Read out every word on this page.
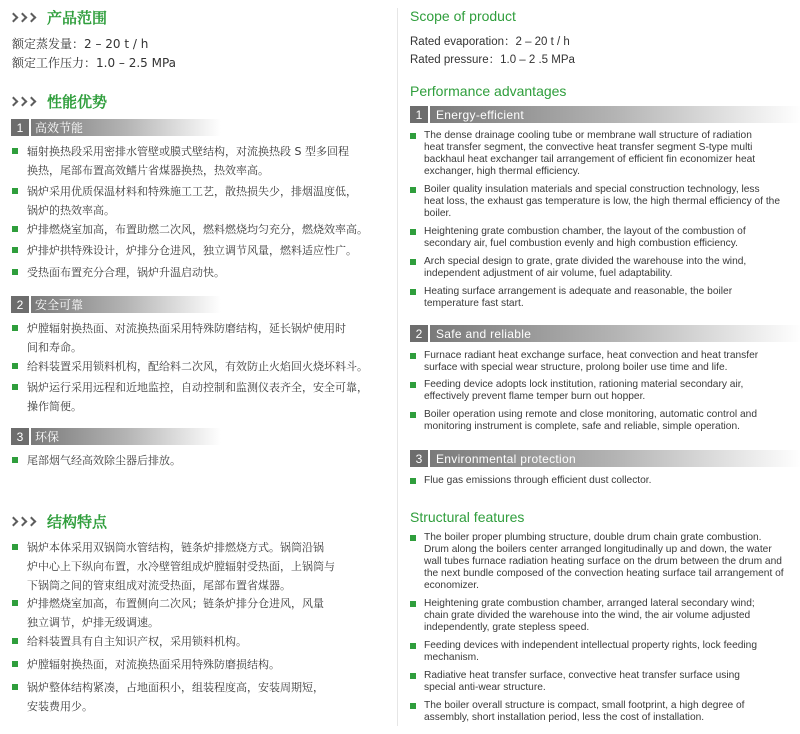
产品范围
额定蒸发量：2 – 20 t / h
额定工作压力：1.0 – 2.5 MPa
性能优势
1 高效节能
辐射换热段采用密排水管壁或膜式壁结构，对流换热段 S 型多回程
换热，尾部布置高效鳍片省煤器换热，热效率高。
锅炉采用优质保温材料和特殊施工工艺，散热损失少，排烟温度低，
锅炉的热效率高。
炉排燃烧室加高，布置助燃二次风，燃料燃烧均匀充分，燃烧效率高。
炉排炉拱特殊设计，炉排分仓进风，独立调节风量，燃料适应性广。
受热面布置充分合理，锅炉升温启动快。
2 安全可靠
炉膛辐射换热面、对流换热面采用特殊防磨结构，延长锅炉使用时
间和寿命。
给料装置采用锁料机构，配给料二次风，有效防止火焰回火烧坏料斗。
锅炉运行采用远程和近地监控，自动控制和监测仪表齐全，安全可靠，
操作简便。
3 环保
尾部烟气经高效除尘器后排放。
结构特点
锅炉本体采用双锅筒水管结构，链条炉排燃烧方式。锅筒沿锅
炉中心上下纵向布置，水冷壁管组成炉膛辐射受热面，上锅筒与
下锅筒之间的管束组成对流受热面，尾部布置省煤器。
炉排燃烧室加高，布置侧向二次风；链条炉排分仓进风，风量
独立调节，炉排无级调速。
给料装置具有自主知识产权，采用锁料机构。
炉膛辐射换热面，对流换热面采用特殊防磨损结构。
锅炉整体结构紧凑，占地面积小，组装程度高，安装周期短，
安装费用少。
Scope of product
Rated evaporation：2 – 20 t / h
Rated pressure：1.0 – 2 .5 MPa
Performance advantages
1	Energy-efficient
The dense drainage cooling tube or membrane wall structure of radiation
heat transfer segment, the convective heat transfer segment S-type multi
backhaul heat exchanger tail arrangement of efficient fin economizer heat
exchanger, high thermal efficiency.
Boiler quality insulation materials and special construction technology, less
heat loss, the exhaust gas temperature is low, the high thermal efficiency of the
boiler.
Heightening grate combustion chamber, the layout of the combustion of
secondary air, fuel combustion evenly and high combustion efficiency.
Arch special design to grate, grate divided the warehouse into the wind,
independent adjustment of air volume, fuel adaptability.
Heating surface arrangement is adequate and reasonable, the boiler
temperature fast start.
2	Safe and reliable
Furnace radiant heat exchange surface, heat convection and heat transfer
surface with special wear structure, prolong boiler use time and life.
Feeding device adopts lock institution, rationing material secondary air,
effectively prevent flame temper burn out hopper.
Boiler operation using remote and close monitoring, automatic control and
monitoring instrument is complete, safe and reliable, simple operation.
3	Environmental protection
Flue gas emissions through efficient dust collector.
Structural features
The boiler proper plumbing structure, double drum chain grate combustion.
Drum along the boilers center arranged longitudinally up and down, the water
wall tubes furnace radiation heating surface on the drum between the drum and
the next bundle composed of the convection heating surface tail arrangement of
economizer.
Heightening grate combustion chamber, arranged lateral secondary wind;
chain grate divided the warehouse into the wind, the air volume adjusted
independently, grate stepless speed.
Feeding devices with independent intellectual property rights, lock feeding
mechanism.
Radiative heat transfer surface, convective heat transfer surface using
special anti-wear structure.
The boiler overall structure is compact, small footprint, a high degree of
assembly, short installation period, less the cost of installation.
